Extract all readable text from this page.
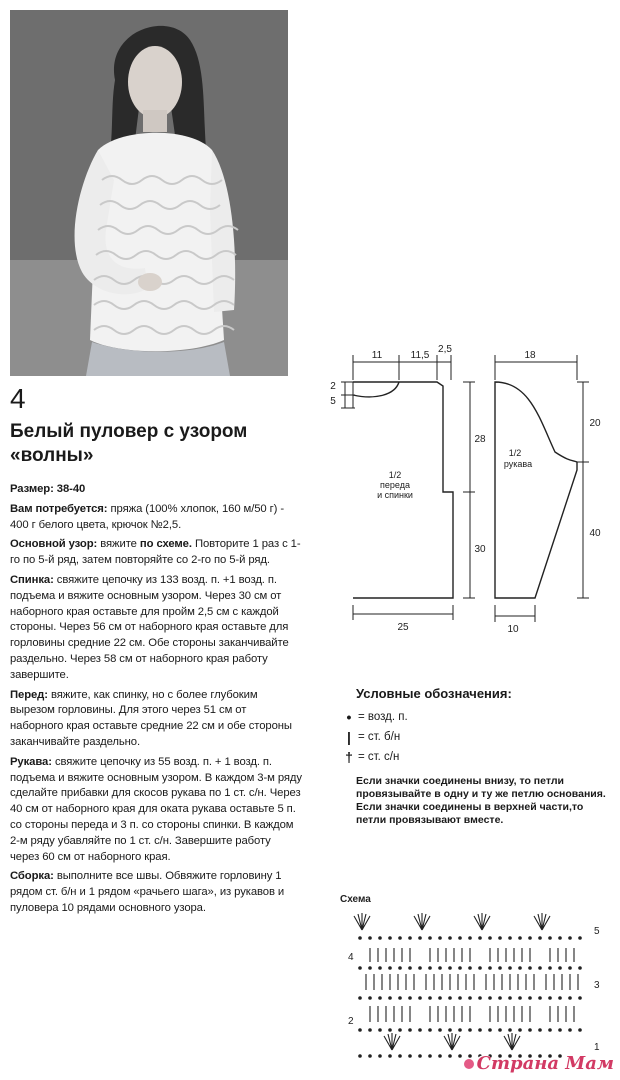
4
Белый пуловер с узором «волны»

Размер: 38-40

Вам потребуется: пряжа (100% хлопок, 160 м/50 г) - 400 г белого цвета, крючок №2,5.

Основной узор: вяжите по схеме. Повторите 1 раз с 1-го по 5-й ряд, затем повторяйте со 2-го по 5-й ряд.

Спинка: свяжите цепочку из 133 возд. п. +1 возд. п. подъема и вяжите основным узором. Через 30 см от наборного края оставьте для пройм 2,5 см с каждой стороны. Через 56 см от наборного края оставьте для горловины средние 22 см. Обе стороны заканчивайте раздельно. Через 58 см от наборного края работу завершите.

Перед: вяжите, как спинку, но с более глубоким вырезом горловины. Для этого через 51 см от наборного края оставьте средние 22 см и обе стороны заканчивайте раздельно.

Рукава: свяжите цепочку из 55 возд. п. + 1 возд. п. подъема и вяжите основным узором. В каждом 3-м ряду сделайте прибавки для скосов рукава по 1 ст. с/н. Через 40 см от наборного края для оката рукава оставьте 5 п. со стороны переда и 3 п. со стороны спинки. В каждом 2-м ряду убавляйте по 1 ст. с/н. Завершите работу через 60 см от наборного края.

Сборка: выполните все швы. Обвяжите горловину 1 рядом ст. б/н и 1 рядом «рачьего шага», из рукавов и пуловера 10 рядами основного узора.

11	11,5
2,5
2
5
28
30
25
1/2
переда
и спинки
18
20
40
10
1/2
рукава
Условные обозначения:
• = возд. п.
| = ст. б/н
† = ст. с/н
Если значки соединены внизу, то петли провязывайте в одну и ту же петлю основания. Если значки соединены в верхней части,то петли провязывают вместе.
Схема
5
4
3
2
1
Страна Мам
